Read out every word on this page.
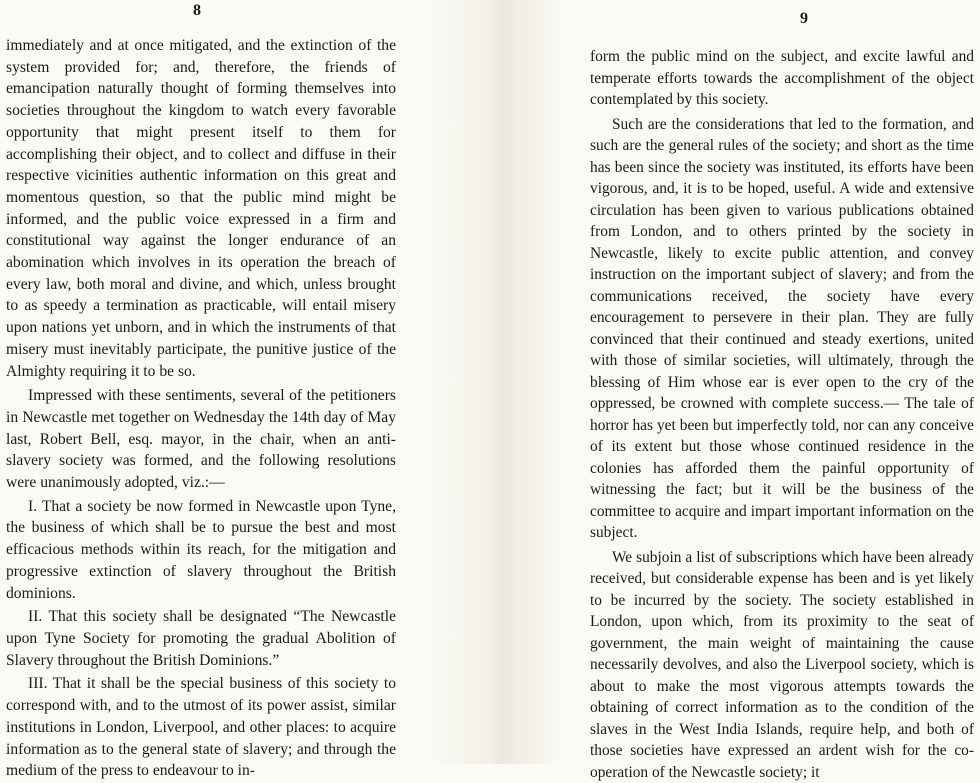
8

immediately and at once mitigated, and the extinction of the system provided for; and, therefore, the friends of emancipation naturally thought of forming themselves into societies throughout the kingdom to watch every favorable opportunity that might present itself to them for accomplishing their object, and to collect and diffuse in their respective vicinities authentic information on this great and momentous question, so that the public mind might be informed, and the public voice expressed in a firm and constitutional way against the longer endurance of an abomination which involves in its operation the breach of every law, both moral and divine, and which, unless brought to as speedy a termination as practicable, will entail misery upon nations yet unborn, and in which the instruments of that misery must inevitably participate, the punitive justice of the Almighty requiring it to be so.

Impressed with these sentiments, several of the petitioners in Newcastle met together on Wednesday the 14th day of May last, Robert Bell, esq. mayor, in the chair, when an anti-slavery society was formed, and the following resolutions were unanimously adopted, viz.:—

I. That a society be now formed in Newcastle upon Tyne, the business of which shall be to pursue the best and most efficacious methods within its reach, for the mitigation and progressive extinction of slavery throughout the British dominions.

II. That this society shall be designated “The Newcastle upon Tyne Society for promoting the gradual Abolition of Slavery throughout the British Dominions.”

III. That it shall be the special business of this society to correspond with, and to the utmost of its power assist, similar institutions in London, Liverpool, and other places: to acquire information as to the general state of slavery; and through the medium of the press to endeavour to in-

9

form the public mind on the subject, and excite lawful and temperate efforts towards the accomplishment of the object contemplated by this society.

Such are the considerations that led to the formation, and such are the general rules of the society; and short as the time has been since the society was instituted, its efforts have been vigorous, and, it is to be hoped, useful. A wide and extensive circulation has been given to various publications obtained from London, and to others printed by the society in Newcastle, likely to excite public attention, and convey instruction on the important subject of slavery; and from the communications received, the society have every encouragement to persevere in their plan. They are fully convinced that their continued and steady exertions, united with those of similar societies, will ultimately, through the blessing of Him whose ear is ever open to the cry of the oppressed, be crowned with complete success.— The tale of horror has yet been but imperfectly told, nor can any conceive of its extent but those whose continued residence in the colonies has afforded them the painful opportunity of witnessing the fact; but it will be the business of the committee to acquire and impart important information on the subject.

We subjoin a list of subscriptions which have been already received, but considerable expense has been and is yet likely to be incurred by the society. The society established in London, upon which, from its proximity to the seat of government, the main weight of maintaining the cause necessarily devolves, and also the Liverpool society, which is about to make the most vigorous attempts towards the obtaining of correct information as to the condition of the slaves in the West India Islands, require help, and both of those societies have expressed an ardent wish for the co-operation of the Newcastle society; it
